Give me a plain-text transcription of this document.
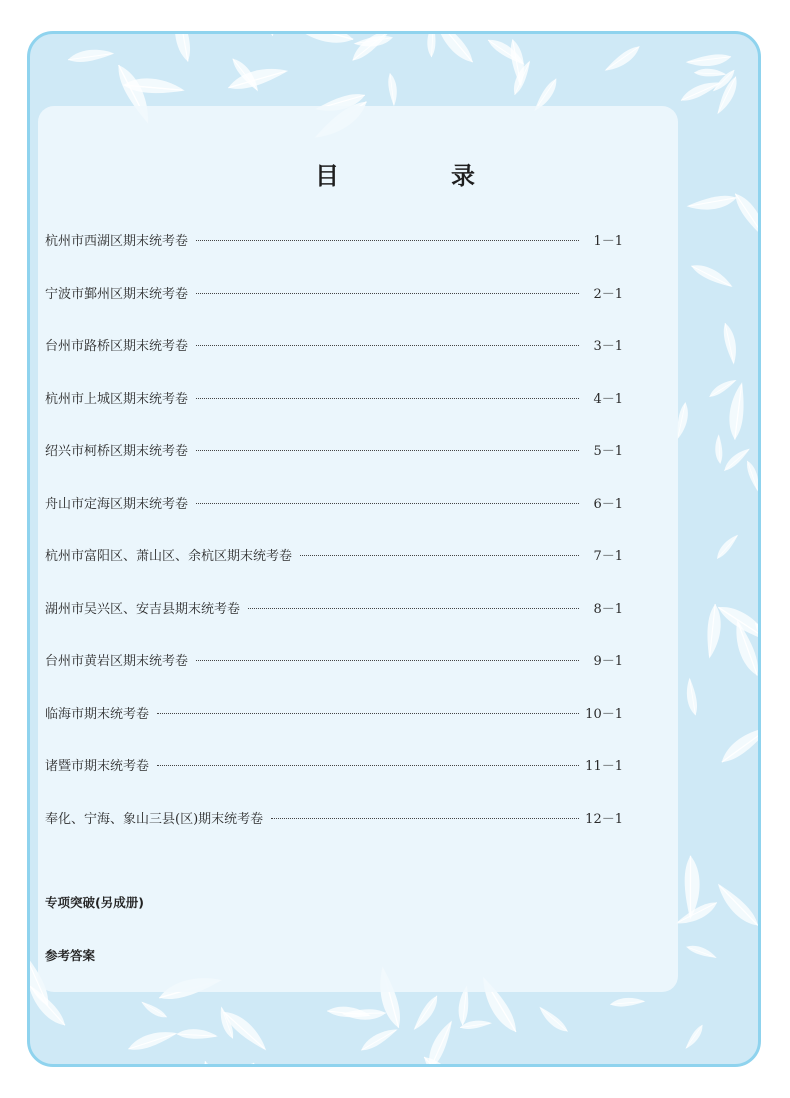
目　录
杭州市西湖区期末统考卷	1－1
宁波市鄞州区期末统考卷	2－1
台州市路桥区期末统考卷	3－1
杭州市上城区期末统考卷	4－1
绍兴市柯桥区期末统考卷	5－1
舟山市定海区期末统考卷	6－1
杭州市富阳区、萧山区、余杭区期末统考卷	7－1
湖州市吴兴区、安吉县期末统考卷	8－1
台州市黄岩区期末统考卷	9－1
临海市期末统考卷	10－1
诸暨市期末统考卷	11－1
奉化、宁海、象山三县(区)期末统考卷	12－1
专项突破(另成册)
参考答案
